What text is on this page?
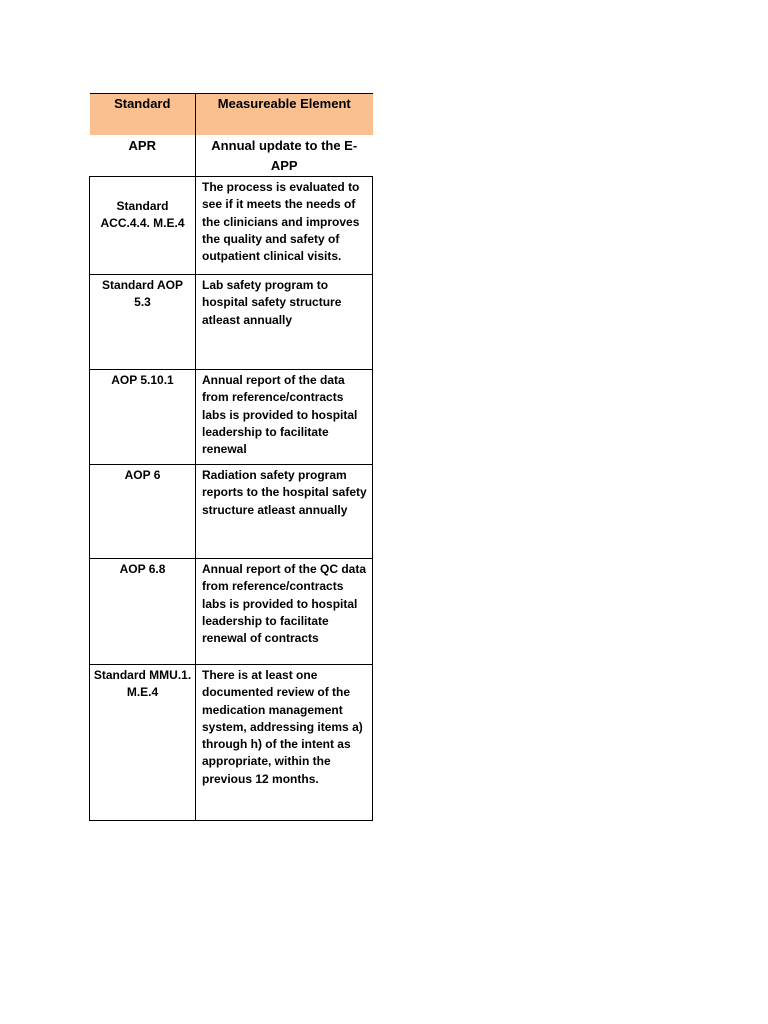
Standard	Measureable Element
APR	Annual update to the E-APP
Standard ACC.4.4. M.E.4	The process is evaluated to see if it meets the needs of the clinicians and improves the quality and safety of outpatient clinical visits.
Standard AOP 5.3	Lab safety program to hospital safety structure atleast annually
AOP 5.10.1	Annual report of the data from reference/contracts labs is provided to hospital leadership to facilitate renewal
AOP 6	Radiation safety program reports to the hospital safety structure atleast annually
AOP 6.8	Annual report of the QC data from reference/contracts labs is provided to hospital leadership to facilitate renewal of contracts
Standard MMU.1. M.E.4	There is at least one documented review of the medication management system, addressing items a) through h) of the intent as appropriate, within the previous 12 months.
